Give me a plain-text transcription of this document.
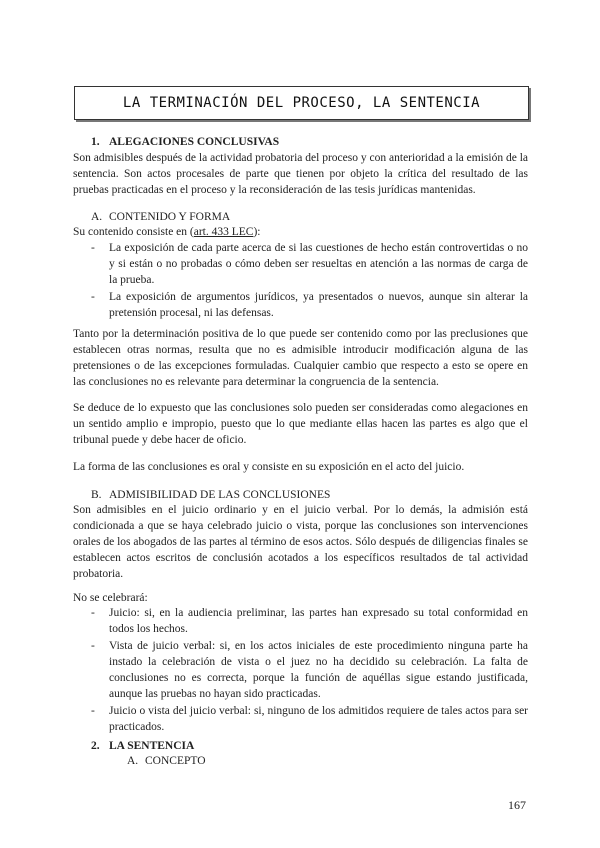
LA TERMINACIÓN DEL PROCESO, LA SENTENCIA
1. ALEGACIONES CONCLUSIVAS
Son admisibles después de la actividad probatoria del proceso y con anterioridad a la emisión de la sentencia. Son actos procesales de parte que tienen por objeto la crítica del resultado de las pruebas practicadas en el proceso y la reconsideración de las tesis jurídicas mantenidas.
A. CONTENIDO Y FORMA
Su contenido consiste en (art. 433 LEC):
- La exposición de cada parte acerca de si las cuestiones de hecho están controvertidas o no y si están o no probadas o cómo deben ser resueltas en atención a las normas de carga de la prueba.
- La exposición de argumentos jurídicos, ya presentados o nuevos, aunque sin alterar la pretensión procesal, ni las defensas.
Tanto por la determinación positiva de lo que puede ser contenido como por las preclusiones que establecen otras normas, resulta que no es admisible introducir modificación alguna de las pretensiones o de las excepciones formuladas. Cualquier cambio que respecto a esto se opere en las conclusiones no es relevante para determinar la congruencia de la sentencia.
Se deduce de lo expuesto que las conclusiones solo pueden ser consideradas como alegaciones en un sentido amplio e impropio, puesto que lo que mediante ellas hacen las partes es algo que el tribunal puede y debe hacer de oficio.
La forma de las conclusiones es oral y consiste en su exposición en el acto del juicio.
B. ADMISIBILIDAD DE LAS CONCLUSIONES
Son admisibles en el juicio ordinario y en el juicio verbal. Por lo demás, la admisión está condicionada a que se haya celebrado juicio o vista, porque las conclusiones son intervenciones orales de los abogados de las partes al término de esos actos. Sólo después de diligencias finales se establecen actos escritos de conclusión acotados a los específicos resultados de tal actividad probatoria.
No se celebrará:
- Juicio: si, en la audiencia preliminar, las partes han expresado su total conformidad en todos los hechos.
- Vista de juicio verbal: si, en los actos iniciales de este procedimiento ninguna parte ha instado la celebración de vista o el juez no ha decidido su celebración. La falta de conclusiones no es correcta, porque la función de aquéllas sigue estando justificada, aunque las pruebas no hayan sido practicadas.
- Juicio o vista del juicio verbal: si, ninguno de los admitidos requiere de tales actos para ser practicados.
2. LA SENTENCIA
A. CONCEPTO
167
